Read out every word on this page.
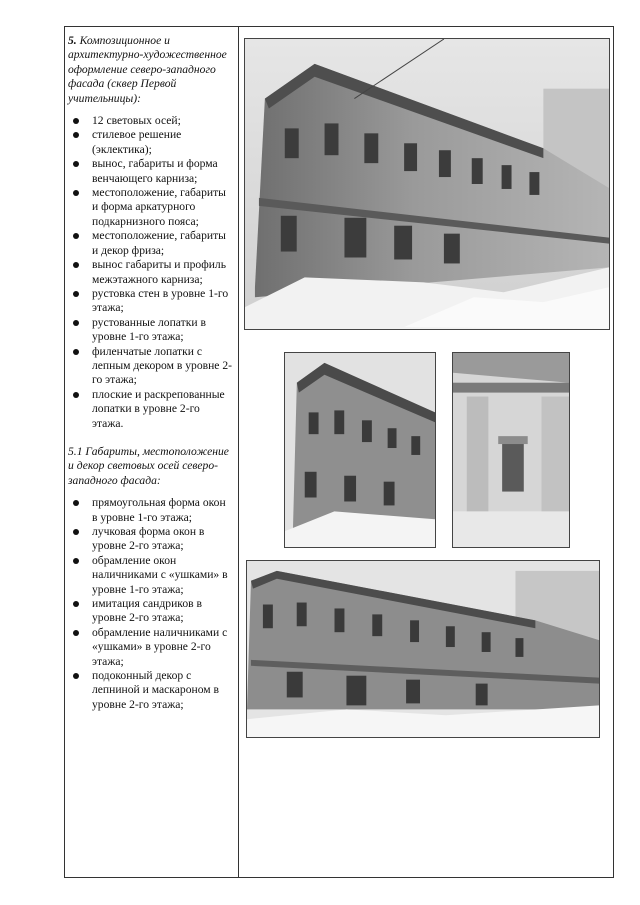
5. Композиционное и архитектурно-художественное оформление северо-западного фасада (сквер Первой учительницы):
12 световых осей;
стилевое решение (эклектика);
вынос, габариты и форма венчающего карниза;
местоположение, габариты и форма аркатурного подкарнизного пояса;
местоположение, габариты и декор фриза;
вынос габариты и профиль межэтажного карниза;
рустовка стен в уровне 1-го этажа;
рустованные лопатки в уровне 1-го этажа;
филенчатые лопатки с лепным декором в уровне 2-го этажа;
плоские и раскрепованные лопатки в уровне 2-го этажа.
5.1 Габариты, местоположение и декор световых осей северо-западного фасада:
прямоугольная форма окон в уровне 1-го этажа;
лучковая форма окон в уровне 2-го этажа;
обрамление окон наличниками с «ушками» в уровне 1-го этажа;
имитация сандриков в уровне 2-го этажа;
обрамление наличниками с «ушками» в уровне 2-го этажа;
подоконный декор с лепниной и маскароном в уровне 2-го этажа;
